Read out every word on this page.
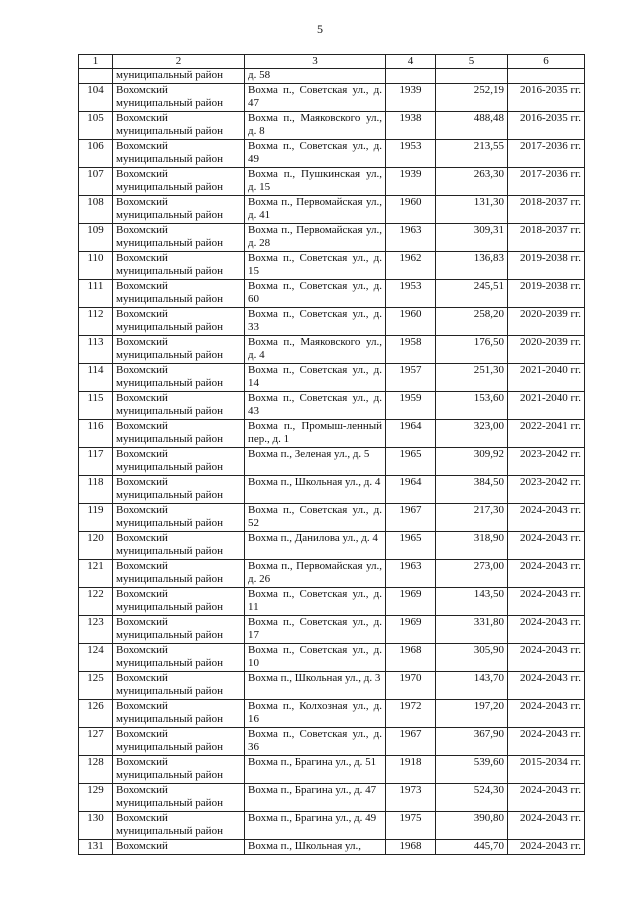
5
1	2	3	4	5	6
	муниципальный район	д. 58			
104	Вохомский муниципальный район	Вохма п., Советская ул., д. 47	1939	252,19	2016-2035 гг.
105	Вохомский муниципальный район	Вохма п., Маяковского ул., д. 8	1938	488,48	2016-2035 гг.
106	Вохомский муниципальный район	Вохма п., Советская ул., д. 49	1953	213,55	2017-2036 гг.
107	Вохомский муниципальный район	Вохма п., Пушкинская ул., д. 15	1939	263,30	2017-2036 гг.
108	Вохомский муниципальный район	Вохма п., Первомайская ул., д. 41	1960	131,30	2018-2037 гг.
109	Вохомский муниципальный район	Вохма п., Первомайская ул., д. 28	1963	309,31	2018-2037 гг.
110	Вохомский муниципальный район	Вохма п., Советская ул., д. 15	1962	136,83	2019-2038 гг.
111	Вохомский муниципальный район	Вохма п., Советская ул., д. 60	1953	245,51	2019-2038 гг.
112	Вохомский муниципальный район	Вохма п., Советская ул., д. 33	1960	258,20	2020-2039 гг.
113	Вохомский муниципальный район	Вохма п., Маяковского ул., д. 4	1958	176,50	2020-2039 гг.
114	Вохомский муниципальный район	Вохма п., Советская ул., д. 14	1957	251,30	2021-2040 гг.
115	Вохомский муниципальный район	Вохма п., Советская ул., д. 43	1959	153,60	2021-2040 гг.
116	Вохомский муниципальный район	Вохма п., Промыш-ленный пер., д. 1	1964	323,00	2022-2041 гг.
117	Вохомский муниципальный район	Вохма п., Зеленая ул., д. 5	1965	309,92	2023-2042 гг.
118	Вохомский муниципальный район	Вохма п., Школьная ул., д. 4	1964	384,50	2023-2042 гг.
119	Вохомский муниципальный район	Вохма п., Советская ул., д. 52	1967	217,30	2024-2043 гг.
120	Вохомский муниципальный район	Вохма п., Данилова ул., д. 4	1965	318,90	2024-2043 гг.
121	Вохомский муниципальный район	Вохма п., Первомайская ул., д. 26	1963	273,00	2024-2043 гг.
122	Вохомский муниципальный район	Вохма п., Советская ул., д. 11	1969	143,50	2024-2043 гг.
123	Вохомский муниципальный район	Вохма п., Советская ул., д. 17	1969	331,80	2024-2043 гг.
124	Вохомский муниципальный район	Вохма п., Советская ул., д. 10	1968	305,90	2024-2043 гг.
125	Вохомский муниципальный район	Вохма п., Школьная ул., д. 3	1970	143,70	2024-2043 гг.
126	Вохомский муниципальный район	Вохма п., Колхозная ул., д. 16	1972	197,20	2024-2043 гг.
127	Вохомский муниципальный район	Вохма п., Советская ул., д. 36	1967	367,90	2024-2043 гг.
128	Вохомский муниципальный район	Вохма п., Брагина ул., д. 51	1918	539,60	2015-2034 гг.
129	Вохомский муниципальный район	Вохма п., Брагина ул., д. 47	1973	524,30	2024-2043 гг.
130	Вохомский муниципальный район	Вохма п., Брагина ул., д. 49	1975	390,80	2024-2043 гг.
131	Вохомский	Вохма п., Школьная ул.,	1968	445,70	2024-2043 гг.
